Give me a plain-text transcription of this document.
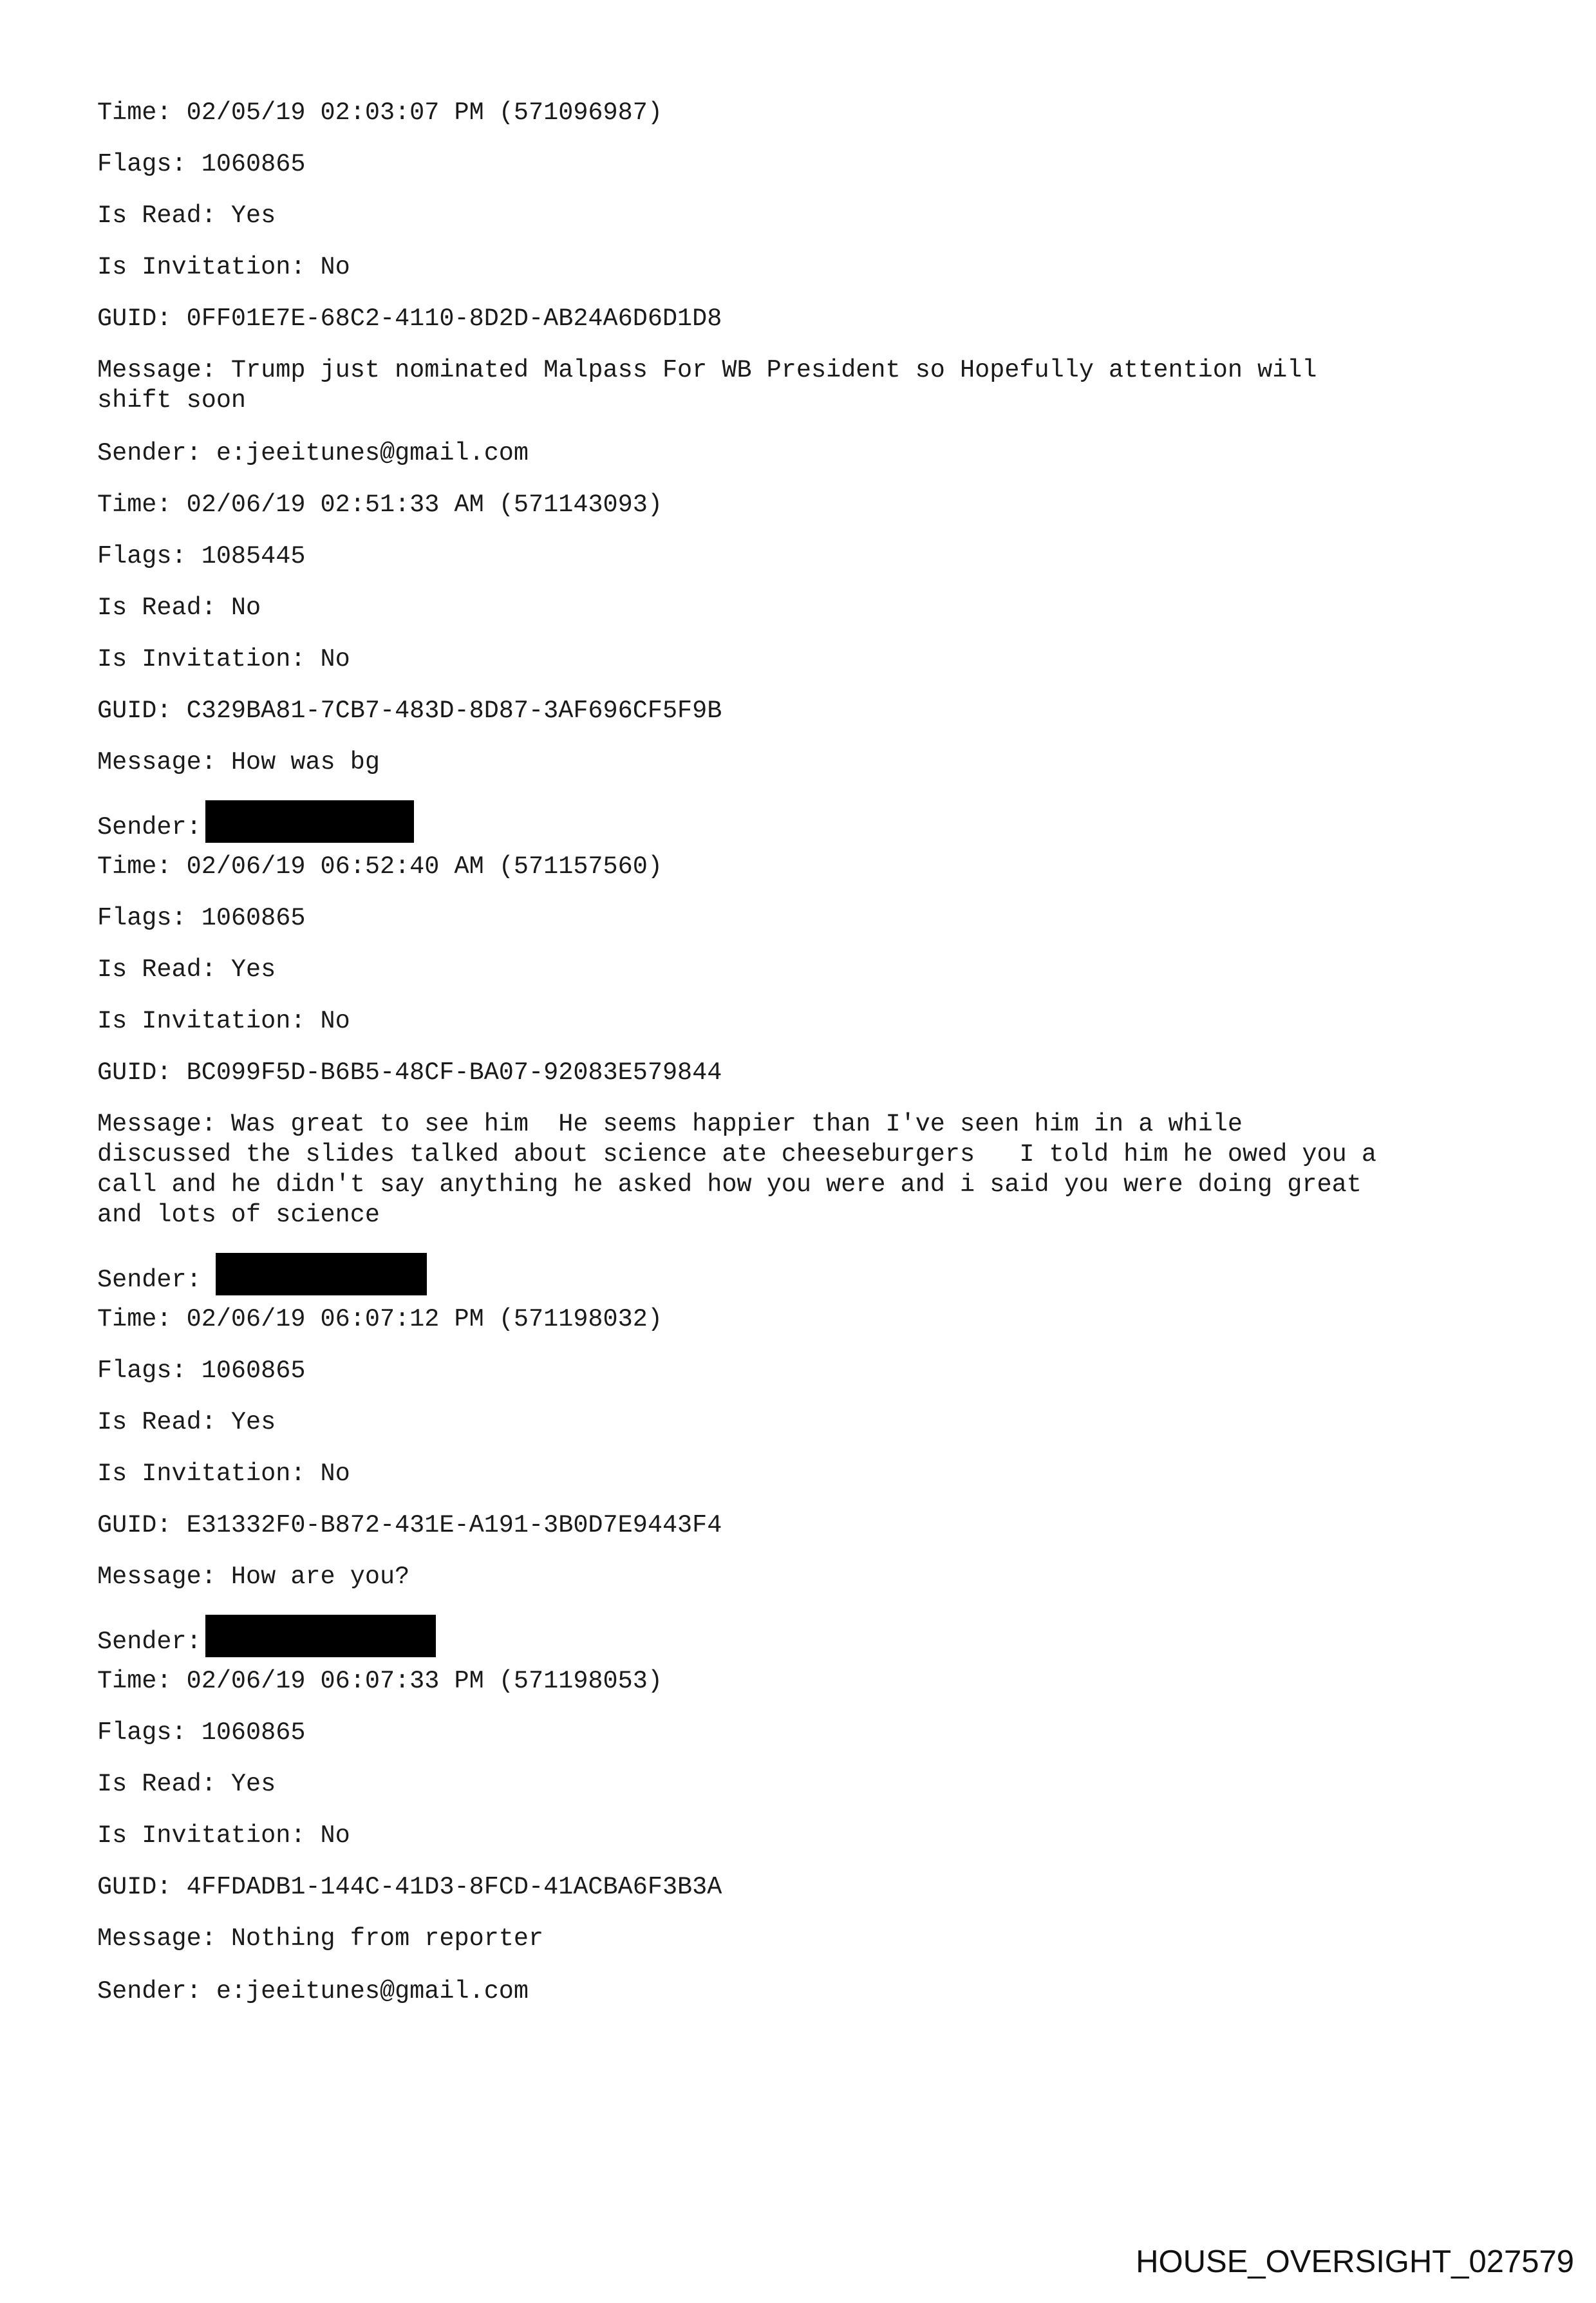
Time: 02/05/19 02:03:07 PM (571096987)
Flags: 1060865
Is Read: Yes
Is Invitation: No
GUID: 0FF01E7E-68C2-4110-8D2D-AB24A6D6D1D8
Message: Trump just nominated Malpass For WB President so Hopefully attention will
shift soon
Sender: e:jeeitunes@gmail.com
Time: 02/06/19 02:51:33 AM (571143093)
Flags: 1085445
Is Read: No
Is Invitation: No
GUID: C329BA81-7CB7-483D-8D87-3AF696CF5F9B
Message: How was bg
Sender:
Time: 02/06/19 06:52:40 AM (571157560)
Flags: 1060865
Is Read: Yes
Is Invitation: No
GUID: BC099F5D-B6B5-48CF-BA07-92083E579844
Message: Was great to see him  He seems happier than I've seen him in a while
discussed the slides talked about science ate cheeseburgers   I told him he owed you a
call and he didn't say anything he asked how you were and i said you were doing great
and lots of science
Sender:
Time: 02/06/19 06:07:12 PM (571198032)
Flags: 1060865
Is Read: Yes
Is Invitation: No
GUID: E31332F0-B872-431E-A191-3B0D7E9443F4
Message: How are you?
Sender:
Time: 02/06/19 06:07:33 PM (571198053)
Flags: 1060865
Is Read: Yes
Is Invitation: No
GUID: 4FFDADB1-144C-41D3-8FCD-41ACBA6F3B3A
Message: Nothing from reporter
Sender: e:jeeitunes@gmail.com
HOUSE_OVERSIGHT_027579
